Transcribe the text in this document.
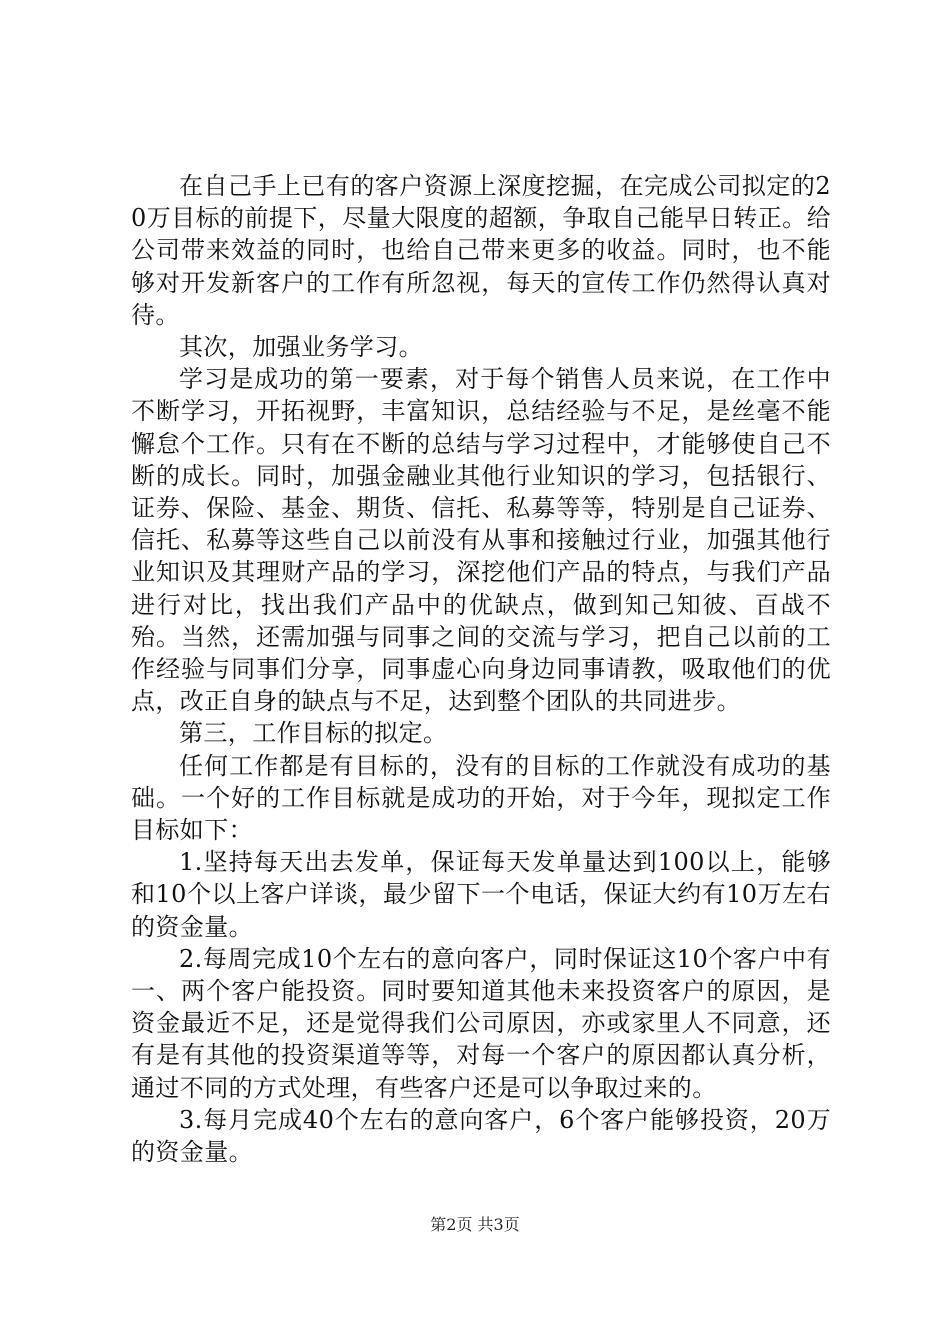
在自己手上已有的客户资源上深度挖掘，在完成公司拟定的20万目标的前提下，尽量大限度的超额，争取自己能早日转正。给公司带来效益的同时，也给自己带来更多的收益。同时，也不能够对开发新客户的工作有所忽视，每天的宣传工作仍然得认真对待。

其次，加强业务学习。

学习是成功的第一要素，对于每个销售人员来说，在工作中不断学习，开拓视野，丰富知识，总结经验与不足，是丝毫不能懈怠个工作。只有在不断的总结与学习过程中，才能够使自己不断的成长。同时，加强金融业其他行业知识的学习，包括银行、证券、保险、基金、期货、信托、私募等等，特别是自己证券、信托、私募等这些自己以前没有从事和接触过行业，加强其他行业知识及其理财产品的学习，深挖他们产品的特点，与我们产品进行对比，找出我们产品中的优缺点，做到知己知彼、百战不殆。当然，还需加强与同事之间的交流与学习，把自己以前的工作经验与同事们分享，同事虚心向身边同事请教，吸取他们的优点，改正自身的缺点与不足，达到整个团队的共同进步。

第三，工作目标的拟定。

任何工作都是有目标的，没有的目标的工作就没有成功的基础。一个好的工作目标就是成功的开始，对于今年，现拟定工作目标如下：

1.坚持每天出去发单，保证每天发单量达到100以上，能够和10个以上客户详谈，最少留下一个电话，保证大约有10万左右的资金量。

2.每周完成10个左右的意向客户，同时保证这10个客户中有一、两个客户能投资。同时要知道其他未来投资客户的原因，是资金最近不足，还是觉得我们公司原因，亦或家里人不同意，还有是有其他的投资渠道等等，对每一个客户的原因都认真分析，通过不同的方式处理，有些客户还是可以争取过来的。

3.每月完成40个左右的意向客户，6个客户能够投资，20万的资金量。

第2页 共3页
